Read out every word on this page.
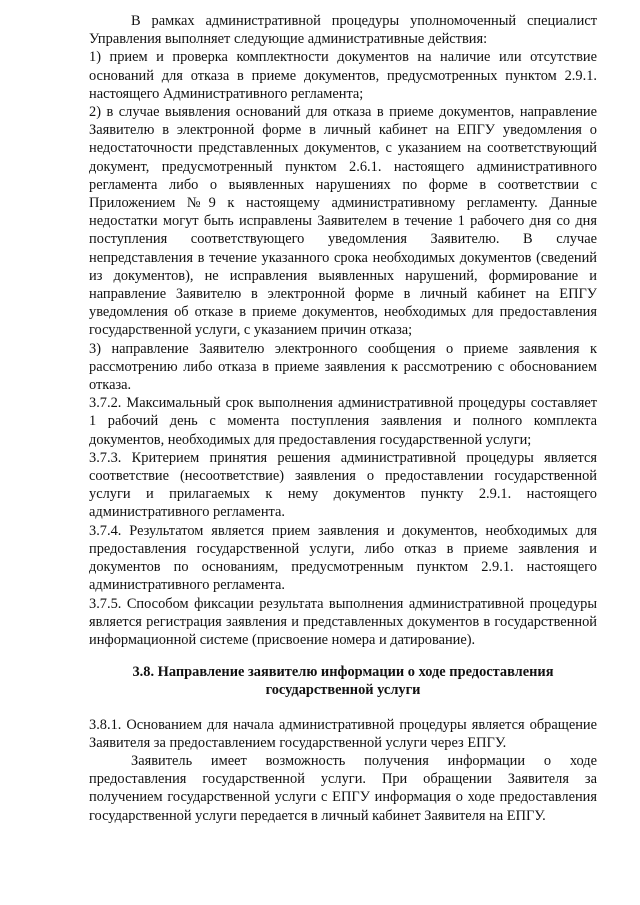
В рамках административной процедуры уполномоченный специалист Управления выполняет следующие административные действия:

1) прием и проверка комплектности документов на наличие или отсутствие оснований для отказа в приеме документов, предусмотренных пунктом 2.9.1. настоящего Административного регламента;

2) в случае выявления оснований для отказа в приеме документов, направление Заявителю в электронной форме в личный кабинет на ЕПГУ уведомления о недостаточности представленных документов, с указанием на соответствующий документ, предусмотренный пунктом 2.6.1. настоящего административного регламента либо о выявленных нарушениях по форме в соответствии с Приложением №9 к настоящему административному регламенту. Данные недостатки могут быть исправлены Заявителем в течение 1 рабочего дня со дня поступления соответствующего уведомления Заявителю. В случае непредставления в течение указанного срока необходимых документов (сведений из документов), не исправления выявленных нарушений, формирование и направление Заявителю в электронной форме в личный кабинет на ЕПГУ уведомления об отказе в приеме документов, необходимых для предоставления государственной услуги, с указанием причин отказа;

3) направление Заявителю электронного сообщения о приеме заявления к рассмотрению либо отказа в приеме заявления к рассмотрению с обоснованием отказа.

3.7.2. Максимальный срок выполнения административной процедуры составляет 1 рабочий день с момента поступления заявления и полного комплекта документов, необходимых для предоставления государственной услуги;

3.7.3. Критерием принятия решения административной процедуры является соответствие (несоответствие) заявления о предоставлении государственной услуги и прилагаемых к нему документов пункту 2.9.1. настоящего административного регламента.

3.7.4. Результатом является прием заявления и документов, необходимых для предоставления государственной услуги, либо отказ в приеме заявления и документов по основаниям, предусмотренным пунктом 2.9.1. настоящего административного регламента.

3.7.5. Способом фиксации результата выполнения административной процедуры является регистрация заявления и представленных документов в государственной информационной системе (присвоение номера и датирование).

3.8. Направление заявителю информации о ходе предоставления государственной услуги

3.8.1. Основанием для начала административной процедуры является обращение Заявителя за предоставлением государственной услуги через ЕПГУ.

Заявитель имеет возможность получения информации о ходе предоставления государственной услуги. При обращении Заявителя за получением государственной услуги с ЕПГУ информация о ходе предоставления государственной услуги передается в личный кабинет Заявителя на ЕПГУ.
